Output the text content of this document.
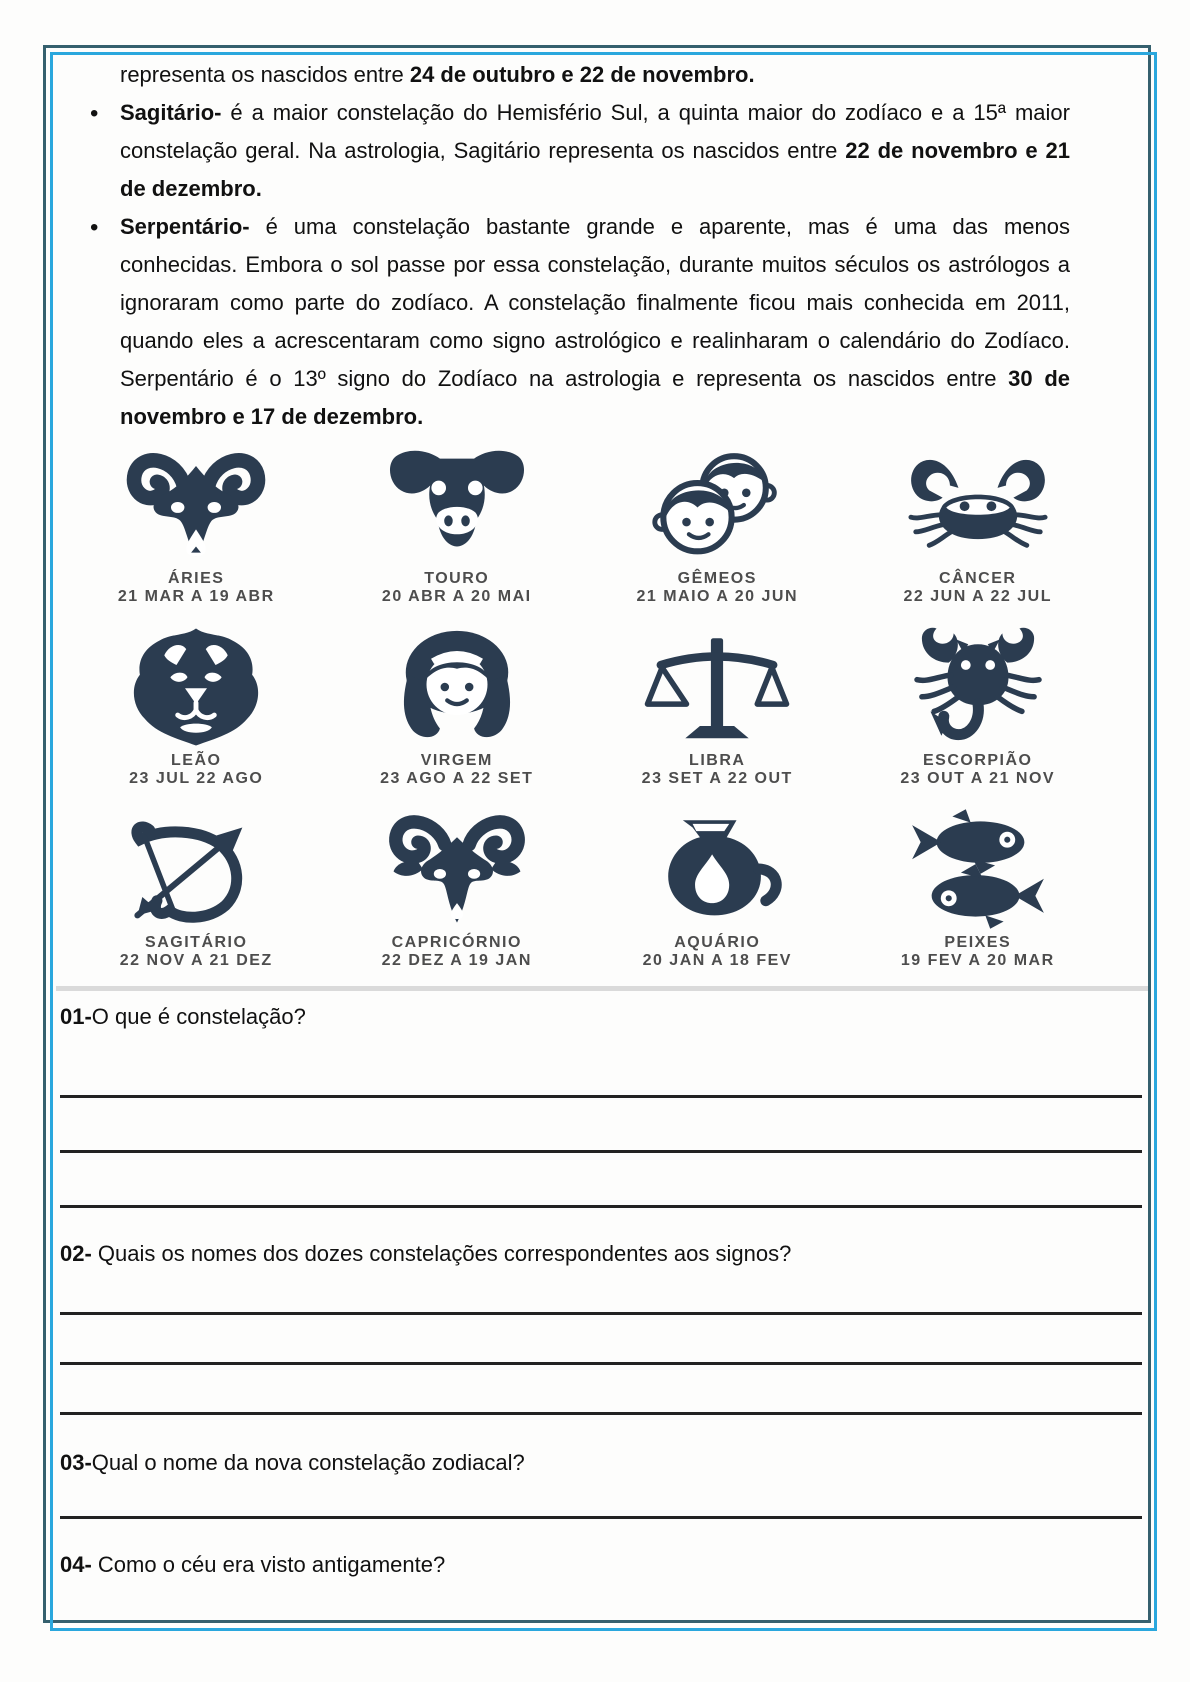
representa os nascidos entre 24 de outubro e 22 de novembro.

• Sagitário- é a maior constelação do Hemisfério Sul, a quinta maior do zodíaco e a 15ª maior constelação geral. Na astrologia, Sagitário representa os nascidos entre 22 de novembro e 21 de dezembro.

• Serpentário- é uma constelação bastante grande e aparente, mas é uma das menos conhecidas. Embora o sol passe por essa constelação, durante muitos séculos os astrólogos a ignoraram como parte do zodíaco. A constelação finalmente ficou mais conhecida em 2011, quando eles a acrescentaram como signo astrológico e realinharam o calendário do Zodíaco. Serpentário é o 13º signo do Zodíaco na astrologia e representa os nascidos entre 30 de novembro e 17 de dezembro.

ÁRIES
21 MAR A 19 ABR
TOURO
20 ABR A 20 MAI
GÊMEOS
21 MAIO A 20 JUN
CÂNCER
22 JUN A 22 JUL
LEÃO
23 JUL 22 AGO
VIRGEM
23 AGO A 22 SET
LIBRA
23 SET A 22 OUT
ESCORPIÃO
23 OUT A 21 NOV
SAGITÁRIO
22 NOV A 21 DEZ
CAPRICÓRNIO
22 DEZ A 19 JAN
AQUÁRIO
20 JAN A 18 FEV
PEIXES
19 FEV A 20 MAR

01-O que é constelação?

02- Quais os nomes dos dozes constelações correspondentes aos signos?

03-Qual o nome da nova constelação zodiacal?

04- Como o céu era visto antigamente?
